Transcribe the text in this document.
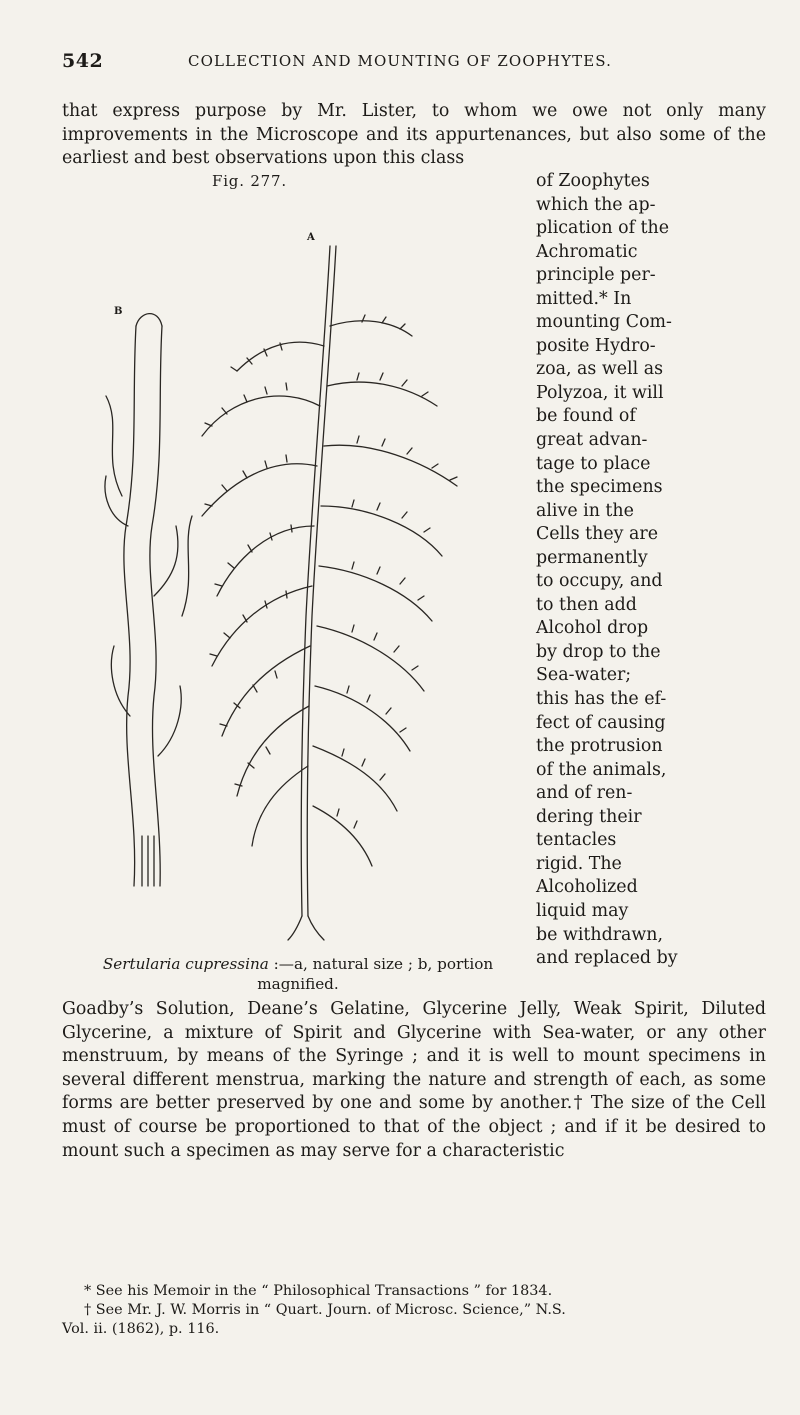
542	COLLECTION AND MOUNTING OF ZOOPHYTES.
that express purpose by Mr. Lister, to whom we owe not only many improvements in the Microscope and its appurtenances, but also some of the earliest and best observations upon this class
Fig. 277.
A
B
Sertularia cupressina :—a, natural size ; b, portion
magnified.
of Zoophytes
which the ap-
plication of the
Achromatic
principle per-
mitted.* In
mounting Com-
posite Hydro-
zoa, as well as
Polyzoa, it will
be found of
great advan-
tage to place
the specimens
alive in the
Cells they are
permanently
to occupy, and
to then add
Alcohol drop
by drop to the
Sea-water;
this has the ef-
fect of causing
the protrusion
of the animals,
and of ren-
dering their
tentacles
rigid. The
Alcoholized
liquid may
be withdrawn,
and replaced by
Goadby’s Solution, Deane’s Gelatine, Glycerine Jelly, Weak Spirit, Diluted Glycerine, a mixture of Spirit and Glycerine with Sea-water, or any other menstruum, by means of the Syringe ; and it is well to mount specimens in several different menstrua, marking the nature and strength of each, as some forms are better preserved by one and some by another.† The size of the Cell must of course be proportioned to that of the object ; and if it be desired to mount such a specimen as may serve for a characteristic

* See his Memoir in the “ Philosophical Transactions ” for 1834.

† See Mr. J. W. Morris in “ Quart. Journ. of Microsc. Science,” N.S.

Vol. ii. (1862), p. 116.
